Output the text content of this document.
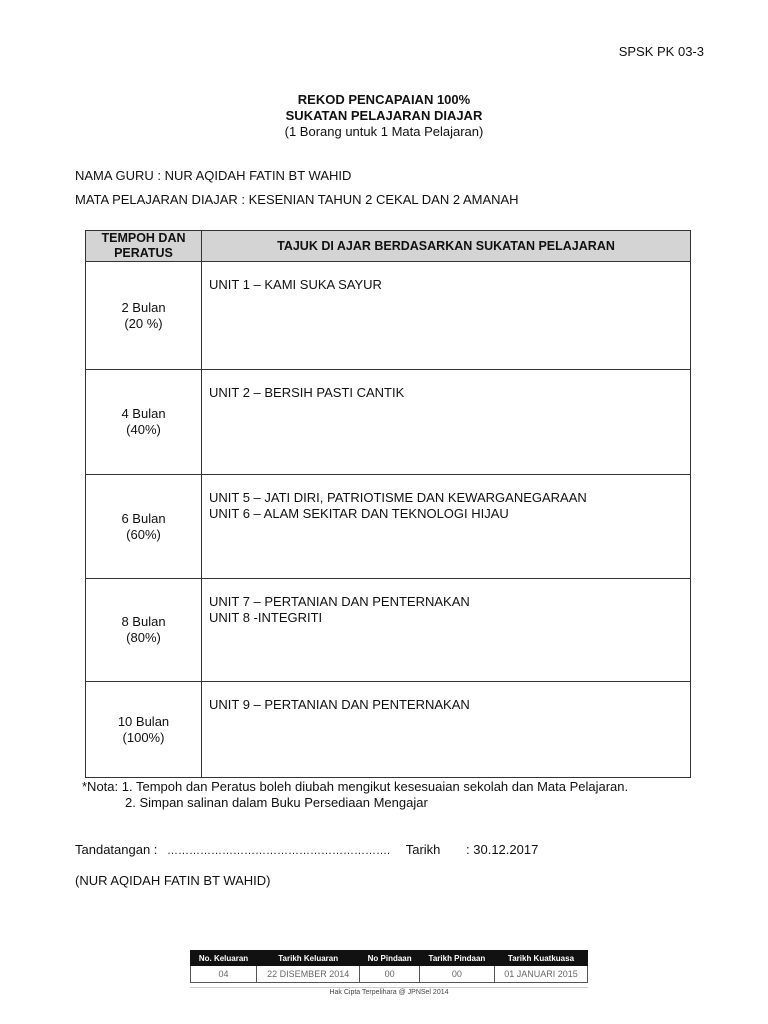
SPSK PK 03-3
REKOD PENCAPAIAN 100%
SUKATAN PELAJARAN DIAJAR
(1 Borang untuk 1 Mata Pelajaran)
NAMA GURU : NUR AQIDAH FATIN BT WAHID
MATA PELAJARAN DIAJAR : KESENIAN TAHUN 2 CEKAL DAN 2 AMANAH
TEMPOH DAN
PERATUS	TAJUK DI AJAR BERDASARKAN SUKATAN PELAJARAN
2 Bulan
(20 %)	UNIT 1 – KAMI SUKA SAYUR

4 Bulan
(40%)	UNIT 2 – BERSIH PASTI CANTIK

6 Bulan
(60%)	UNIT 5 – JATI DIRI, PATRIOTISME DAN KEWARGANEGARAAN
UNIT 6 – ALAM SEKITAR DAN TEKNOLOGI HIJAU

8 Bulan
(80%)	UNIT 7 – PERTANIAN DAN PENTERNAKAN
UNIT 8 -INTEGRITI

10 Bulan
(100%)	UNIT 9 – PERTANIAN DAN PENTERNAKAN
*Nota: 1. Tempoh dan Peratus boleh diubah mengikut kesesuaian sekolah dan Mata Pelajaran.
2. Simpan salinan dalam Buku Persediaan Mengajar
Tandatangan : ……………………………………………………. Tarikh : 30.12.2017
(NUR AQIDAH FATIN BT WAHID)
No. Keluaran	Tarikh Keluaran	No Pindaan	Tarikh Pindaan	Tarikh Kuatkuasa
04	22 DISEMBER 2014	00	00	01 JANUARI 2015
Hak Cipta Terpelihara @ JPNSel 2014
